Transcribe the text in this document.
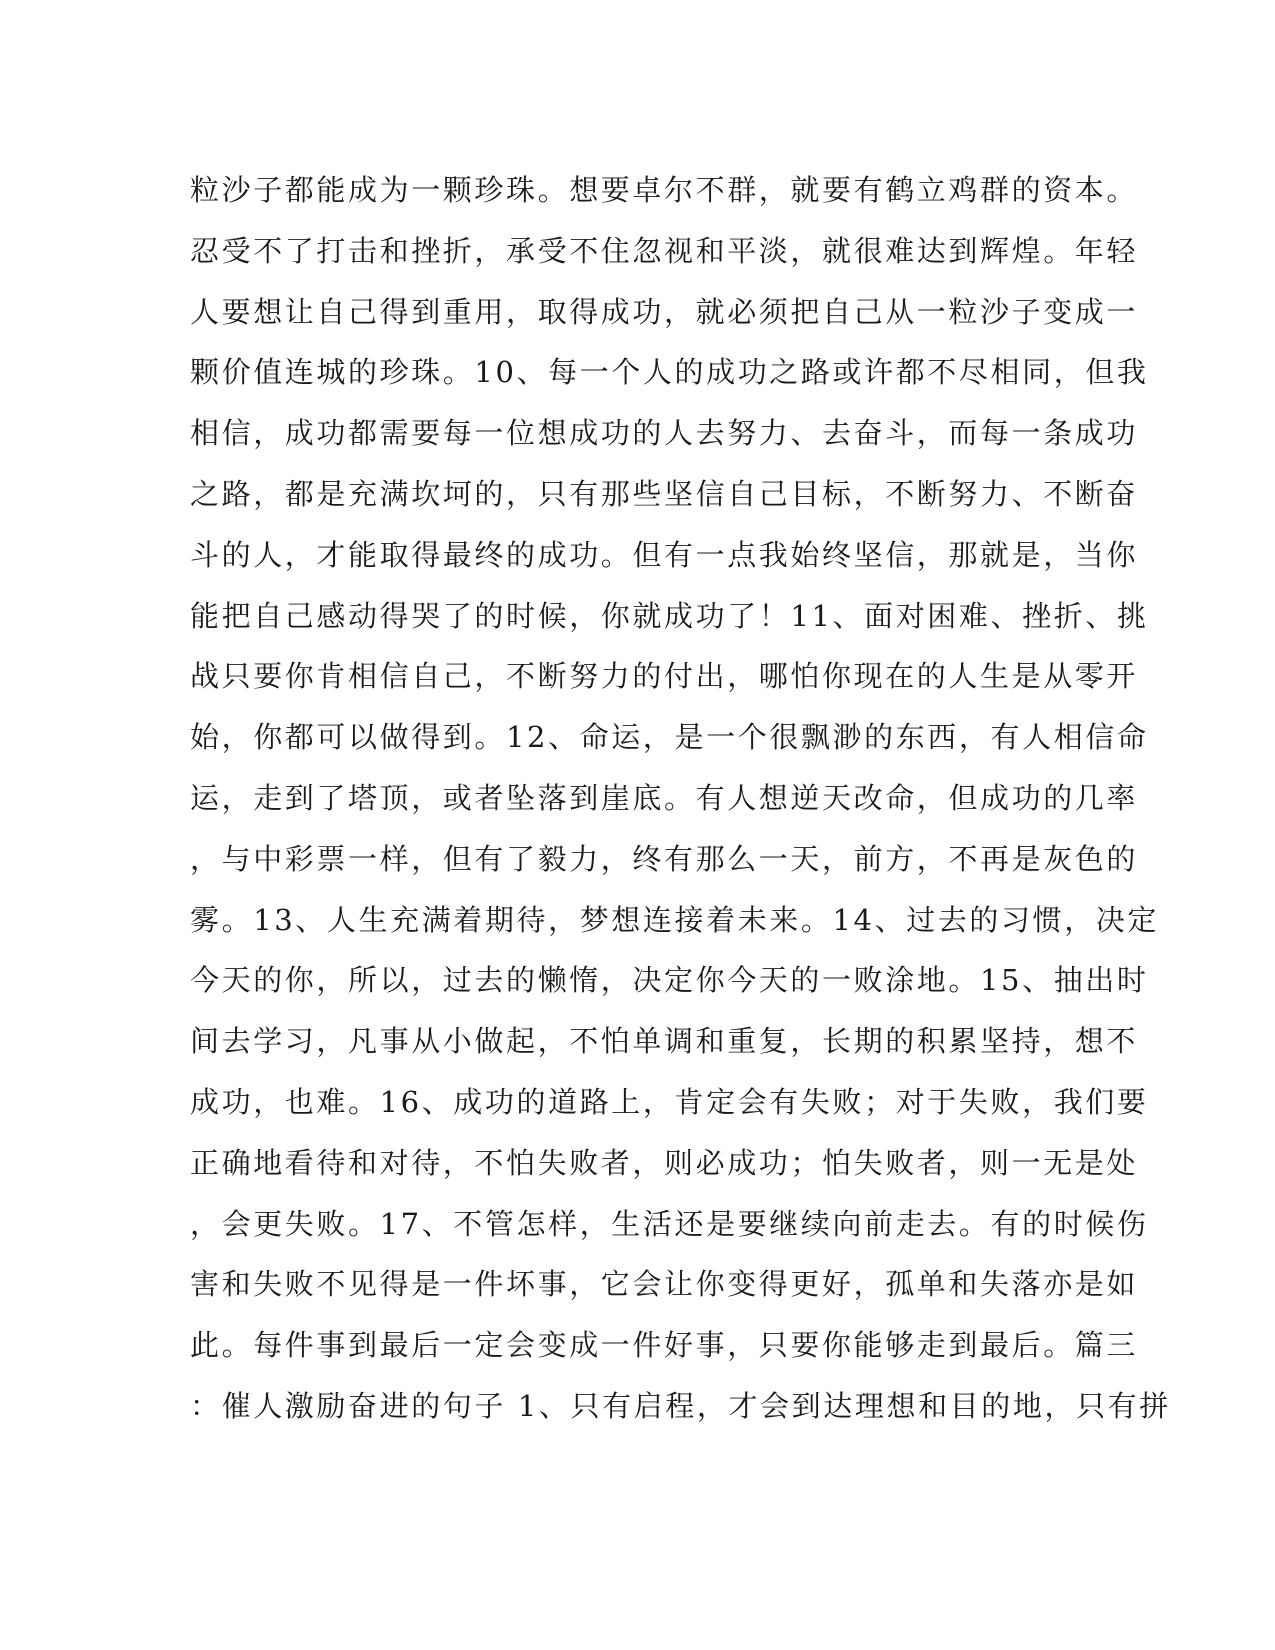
粒沙子都能成为一颗珍珠。想要卓尔不群，就要有鹤立鸡群的资本。
忍受不了打击和挫折，承受不住忽视和平淡，就很难达到辉煌。年轻
人要想让自己得到重用，取得成功，就必须把自己从一粒沙子变成一
颗价值连城的珍珠。10、每一个人的成功之路或许都不尽相同，但我
相信，成功都需要每一位想成功的人去努力、去奋斗，而每一条成功
之路，都是充满坎坷的，只有那些坚信自己目标，不断努力、不断奋
斗的人，才能取得最终的成功。但有一点我始终坚信，那就是，当你
能把自己感动得哭了的时候，你就成功了！11、面对困难、挫折、挑
战只要你肯相信自己，不断努力的付出，哪怕你现在的人生是从零开
始，你都可以做得到。12、命运，是一个很飘渺的东西，有人相信命
运，走到了塔顶，或者坠落到崖底。有人想逆天改命，但成功的几率
，与中彩票一样，但有了毅力，终有那么一天，前方，不再是灰色的
雾。13、人生充满着期待，梦想连接着未来。14、过去的习惯，决定
今天的你，所以，过去的懒惰，决定你今天的一败涂地。15、抽出时
间去学习，凡事从小做起，不怕单调和重复，长期的积累坚持，想不
成功，也难。16、成功的道路上，肯定会有失败；对于失败，我们要
正确地看待和对待，不怕失败者，则必成功；怕失败者，则一无是处
，会更失败。17、不管怎样，生活还是要继续向前走去。有的时候伤
害和失败不见得是一件坏事，它会让你变得更好，孤单和失落亦是如
此。每件事到最后一定会变成一件好事，只要你能够走到最后。篇三
：催人激励奋进的句子 1、只有启程，才会到达理想和目的地，只有拼
